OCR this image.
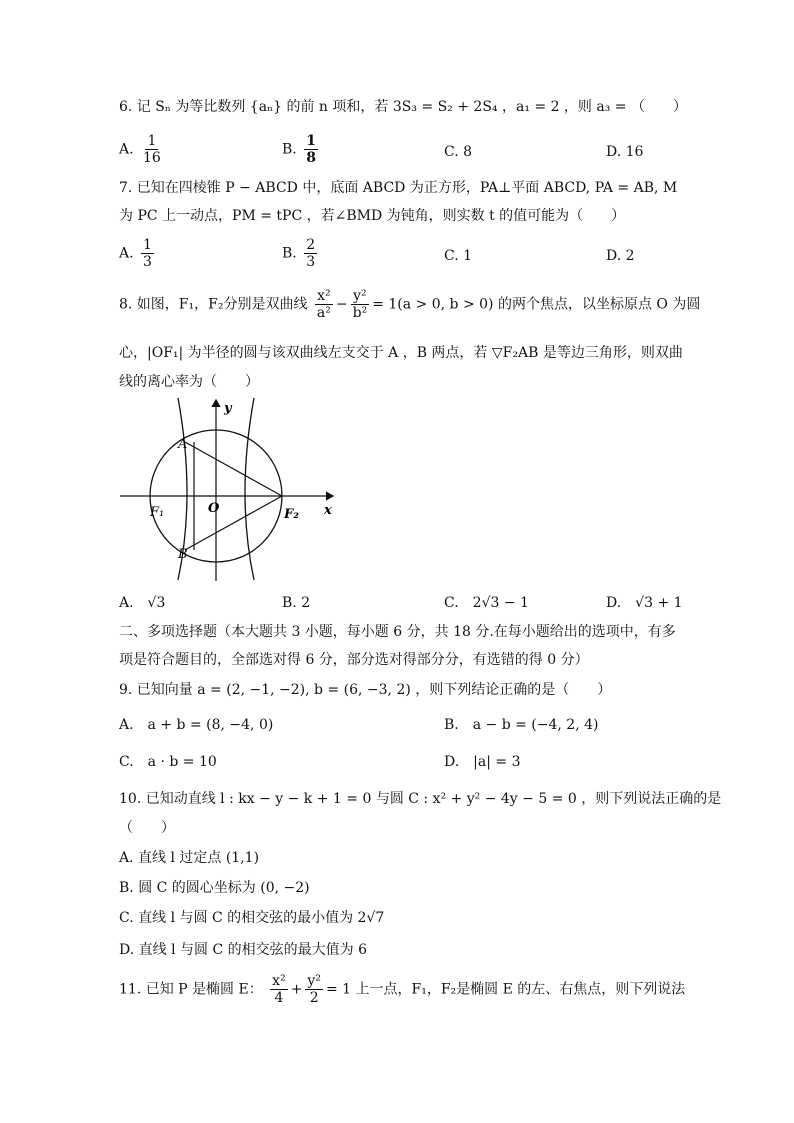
6. 记 Sₙ 为等比数列 {aₙ} 的前 n 项和，若 3S₃ = S₂ + 2S₄ ，a₁ = 2 ，则 a₃ = （　　）
A. $\frac{1}{16}$	B. $\frac{1}{8}$	C. 8	D. 16
7. 已知在四棱锥 P − ABCD 中，底面 ABCD 为正方形，PA⊥平面 ABCD, PA = AB, M
为 PC 上一动点，PM = tPC ，若∠BMD 为钝角，则实数 t 的值可能为（　　）
A. $\frac{1}{3}$	B. $\frac{2}{3}$	C. 1	D. 2
8. 如图，F₁，F₂分别是双曲线 $\frac{\text{x²}}{\text{a²}} - \frac{\text{y²}}{\text{b²}} = 1(a > 0$, b > 0) 的两个焦点，以坐标原点 O 为圆
心，|OF₁| 为半径的圆与该双曲线左支交于 A ，B 两点，若 ▽F₂AB 是等边三角形，则双曲
线的离心率为（　　）
y
x
A
B
O
F₁	F₂
A.　√3	B. 2	C.　2√3 − 1	D.　√3 + 1
二、多项选择题（本大题共 3 小题，每小题 6 分，共 18 分.在每小题给出的选项中，有多
项是符合题目的，全部选对得 6 分，部分选对得部分分，有选错的得 0 分）
9. 已知向量 a = (2, −1, −2), b = (6, −3, 2) ，则下列结论正确的是（　　）
A.　a + b = (8, −4, 0)	B.　a − b = (−4, 2, 4)
C.　a · b = 10	D.　|a| = 3
10. 已知动直线 l : kx − y − k + 1 = 0 与圆 C : x² + y² − 4y − 5 = 0 ，则下列说法正确的是
（　　）
A. 直线 l 过定点 (1,1)
B. 圆 C 的圆心坐标为 (0, −2)
C. 直线 l 与圆 C 的相交弦的最小值为 2√7
D. 直线 l 与圆 C 的相交弦的最大值为 6
11. 已知 P 是椭圆 E： $\frac{\text{x²}}{4} + \frac{\text{y²}}{2} = 1$ 上一点，F₁，F₂是椭圆 E 的左、右焦点，则下列说法
